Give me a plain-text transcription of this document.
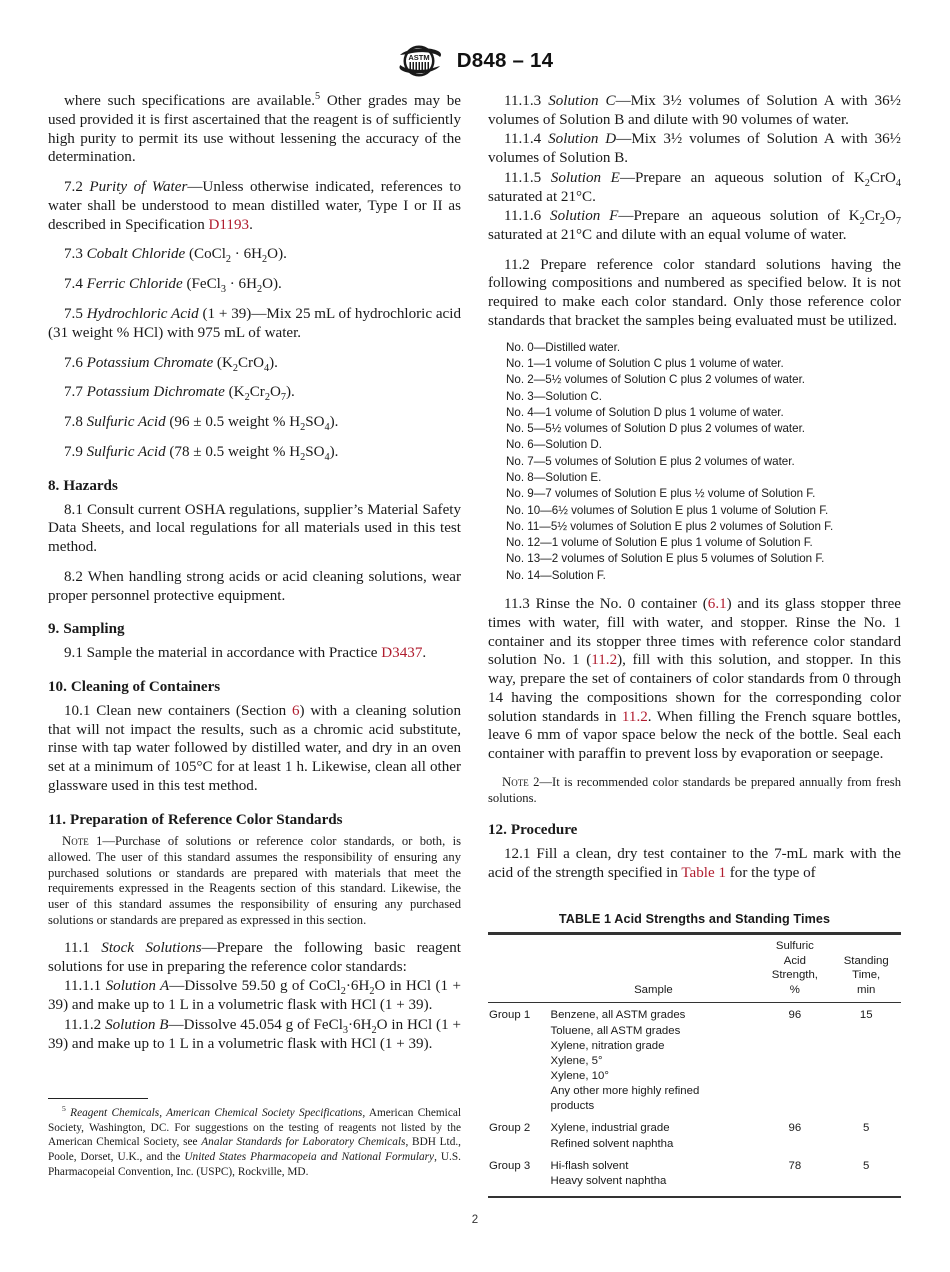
ASTM D848 – 14

where such specifications are available.$^5$ Other grades may be used provided it is first ascertained that the reagent is of sufficiently high purity to permit its use without lessening the accuracy of the determination.

7.2 Purity of Water—Unless otherwise indicated, references to water shall be understood to mean distilled water, Type I or II as described in Specification D1193.

7.3 Cobalt Chloride (CoCl$_2$ · $6H_2O$).

7.4 Ferric Chloride (FeCl$_3$ · $6H_2O$).

7.5 Hydrochloric Acid (1 + 39)—Mix 25 mL of hydrochloric acid (31 weight % HCl) with 975 mL of water.

7.6 Potassium Chromate $(K_2CrO_4)$.

7.7 Potassium Dichromate $(K_2Cr_2O_7)$.

7.8 Sulfuric Acid (96 ± 0.5 weight % $H_2SO_4$).

7.9 Sulfuric Acid (78 ± 0.5 weight % $H_2SO_4$).

8. Hazards

8.1 Consult current OSHA regulations, supplier’s Material Safety Data Sheets, and local regulations for all materials used in this test method.

8.2 When handling strong acids or acid cleaning solutions, wear proper personnel protective equipment.

9. Sampling

9.1 Sample the material in accordance with Practice D3437.

10. Cleaning of Containers

10.1 Clean new containers (Section 6) with a cleaning solution that will not impact the results, such as a chromic acid substitute, rinse with tap water followed by distilled water, and dry in an oven set at a minimum of 105°C for at least 1 h. Likewise, clean all other glassware used in this test method.

11. Preparation of Reference Color Standards

Note 1—Purchase of solutions or reference color standards, or both, is allowed. The user of this standard assumes the responsibility of ensuring any purchased solutions or standards are prepared with materials that meet the requirements expressed in the Reagents section of this standard. Likewise, the user of this standard assumes the responsibility of ensuring any purchased solutions or standards are prepared as expressed in this section.

11.1 Stock Solutions—Prepare the following basic reagent solutions for use in preparing the reference color standards:

11.1.1 Solution A—Dissolve 59.50 g of $CoCl_2\cdot 6H_2O$ in HCl (1 + 39) and make up to 1 L in a volumetric flask with HCl (1 + 39).

11.1.2 Solution B—Dissolve 45.054 g of $FeCl_3\cdot 6H_2O$ in HCl (1 + 39) and make up to 1 L in a volumetric flask with HCl (1 + 39).

11.1.3 Solution C—Mix 3½ volumes of Solution A with 36½ volumes of Solution B and dilute with 90 volumes of water.

11.1.4 Solution D—Mix 3½ volumes of Solution A with 36½ volumes of Solution B.

11.1.5 Solution E—Prepare an aqueous solution of $K_2CrO_4$ saturated at 21°C.

11.1.6 Solution F—Prepare an aqueous solution of $K_2Cr_2O_7$ saturated at 21°C and dilute with an equal volume of water.

11.2 Prepare reference color standard solutions having the following compositions and numbered as specified below. It is not required to make each color standard. Only those reference color standards that bracket the samples being evaluated must be utilized.

No. 0—Distilled water.
No. 1—1 volume of Solution C plus 1 volume of water.
No. 2—5½ volumes of Solution C plus 2 volumes of water.
No. 3—Solution C.
No. 4—1 volume of Solution D plus 1 volume of water.
No. 5—5½ volumes of Solution D plus 2 volumes of water.
No. 6—Solution D.
No. 7—5 volumes of Solution E plus 2 volumes of water.
No. 8—Solution E.
No. 9—7 volumes of Solution E plus ½ volume of Solution F.
No. 10—6½ volumes of Solution E plus 1 volume of Solution F.
No. 11—5½ volumes of Solution E plus 2 volumes of Solution F.
No. 12—1 volume of Solution E plus 1 volume of Solution F.
No. 13—2 volumes of Solution E plus 5 volumes of Solution F.
No. 14—Solution F.

11.3 Rinse the No. 0 container (6.1) and its glass stopper three times with water, fill with water, and stopper. Rinse the No. 1 container and its stopper three times with reference color standard solution No. 1 (11.2), fill with this solution, and stopper. In this way, prepare the set of containers of color standards from 0 through 14 having the compositions shown for the corresponding color solution standards in 11.2. When filling the French square bottles, leave 6 mm of vapor space below the neck of the bottle. Seal each container with paraffin to prevent loss by evaporation or seepage.

Note 2—It is recommended color standards be prepared annually from fresh solutions.

12. Procedure

12.1 Fill a clean, dry test container to the 7-mL mark with the acid of the strength specified in Table 1 for the type of

TABLE 1 Acid Strengths and Standing Times

	Sample	Sulfuric
Acid
Strength,
%	Standing
Time,
min

Group 1	Benzene, all ASTM grades
Toluene, all ASTM grades
Xylene, nitration grade
Xylene, 5°
Xylene, 10°
Any other more highly refined
products
	96	15
Group 2	Xylene, industrial grade
Refined solvent naphtha	96	5
Group 3	Hi-flash solvent
Heavy solvent naphtha	78	5

$^5$ Reagent Chemicals, American Chemical Society Specifications, American Chemical Society, Washington, DC. For suggestions on the testing of reagents not listed by the American Chemical Society, see Analar Standards for Laboratory Chemicals, BDH Ltd., Poole, Dorset, U.K., and the United States Pharmacopeia and National Formulary, U.S. Pharmacopeial Convention, Inc. (USPC), Rockville, MD.

2
